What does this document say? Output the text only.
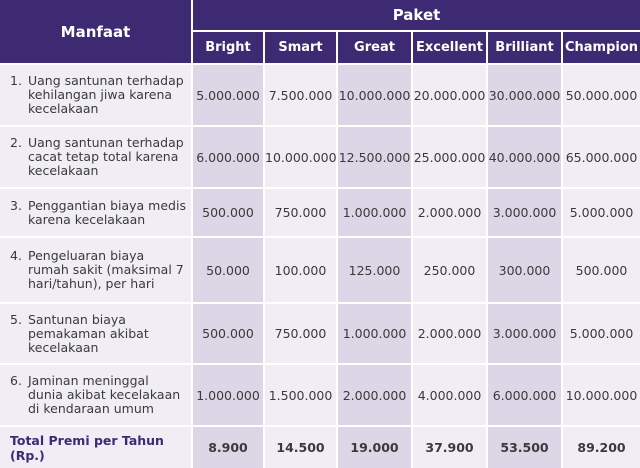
Manfaat	Paket					
	Bright	Smart	Great	Excellent	Brilliant	Champion

1. Uang santunan terhadap kehilangan jiwa karena kecelakaan	5.000.000	7.500.000	10.000.000	20.000.000	30.000.000	50.000.000

2. Uang santunan terhadap cacat tetap total karena kecelakaan	6.000.000	10.000.000	12.500.000	25.000.000	40.000.000	65.000.000

3. Penggantian biaya medis karena kecelakaan	500.000	750.000	1.000.000	2.000.000	3.000.000	5.000.000

4. Pengeluaran biaya rumah sakit (maksimal 7 hari/tahun), per hari	50.000	100.000	125.000	250.000	300.000	500.000

5. Santunan biaya pemakaman akibat kecelakaan	500.000	750.000	1.000.000	2.000.000	3.000.000	5.000.000

6. Jaminan meninggal dunia akibat kecelakaan di kendaraan umum	1.000.000	1.500.000	2.000.000	4.000.000	6.000.000	10.000.000
Total Premi per Tahun (Rp.)	8.900	14.500	19.000	37.900	53.500	89.200
